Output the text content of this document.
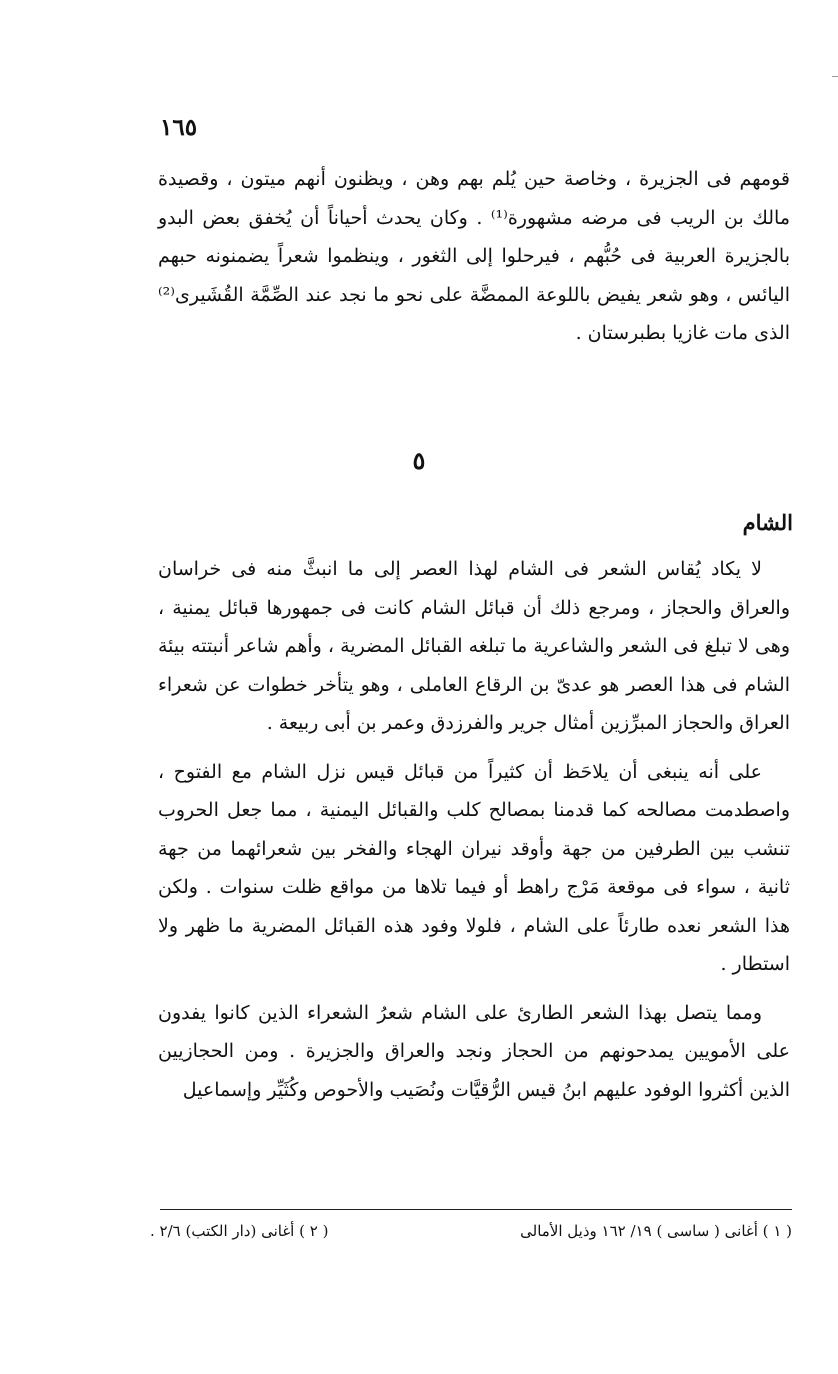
١٦٥

قومهم فى الجزيرة ، وخاصة حين يُلم بهم وهن ، ويظنون أنهم ميتون ، وقصيدة مالك بن الريب فى مرضه مشهورة⁽¹⁾ . وكان يحدث أحياناً أن يُخفق بعض البدو بالجزيرة العربية فى حُبُّهم ، فيرحلوا إلى الثغور ، وينظموا شعراً يضمنونه حبهم اليائس ، وهو شعر يفيض باللوعة الممضَّة على نحو ما نجد عند الصِّمَّة القُشَيرى⁽²⁾ الذى مات غازيا بطبرستان .

٥
الشام

لا يكاد يُقاس الشعر فى الشام لهذا العصر إلى ما انبثَّ منه فى خراسان والعراق والحجاز ، ومرجع ذلك أن قبائل الشام كانت فى جمهورها قبائل يمنية ، وهى لا تبلغ فى الشعر والشاعرية ما تبلغه القبائل المضرية ، وأهم شاعر أنبتته بيئة الشام فى هذا العصر هو عدىّ بن الرقاع العاملى ، وهو يتأخر خطوات عن شعراء العراق والحجاز المبرِّزين أمثال جرير والفرزدق وعمر بن أبى ربيعة .

على أنه ينبغى أن يلاحَظ أن كثيراً من قبائل قيس نزل الشام مع الفتوح ، واصطدمت مصالحه كما قدمنا بمصالح كلب والقبائل اليمنية ، مما جعل الحروب تنشب بين الطرفين من جهة وأوقد نيران الهجاء والفخر بين شعرائهما من جهة ثانية ، سواء فى موقعة مَرْج راهط أو فيما تلاها من مواقع ظلت سنوات . ولكن هذا الشعر نعده طارئاً على الشام ، فلولا وفود هذه القبائل المضرية ما ظهر ولا استطار .

ومما يتصل بهذا الشعر الطارئ على الشام شعرُ الشعراء الذين كانوا يفدون على الأمويين يمدحونهم من الحجاز ونجد والعراق والجزيرة . ومن الحجازيين الذين أكثروا الوفود عليهم ابنُ قيس الرُّقيَّات ونُصَيب والأحوص وكُثَيِّر وإسماعيل

( ١ ) أغانى ( ساسى ) ١٩/ ١٦٢ وذيل الأمالى
( ٢ ) أغانى (دار الكتب) ٢/٦ .
